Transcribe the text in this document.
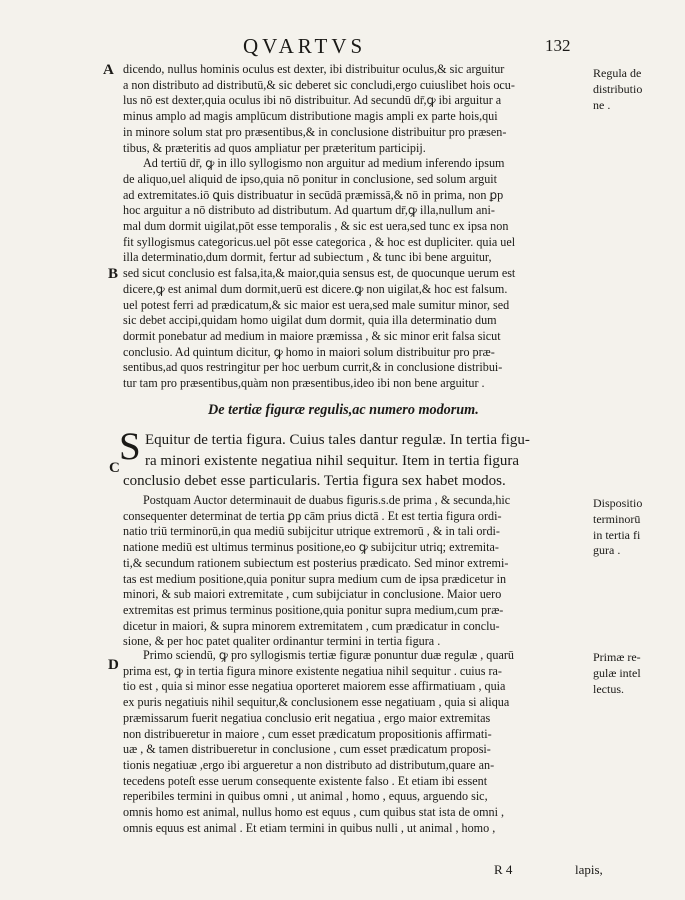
QVARTVS	132
A
B
C
D
dicendo, nullus hominis oculus est dexter, ibi distribuitur oculus,& sic arguitur
a non distributo ad distributū,& sic deberet sic concludi,ergo cuiuslibet hois ocu-
lus nō est dexter,quia oculus ibi nō distribuitur. Ad secundū dr̄,ꝙ ibi arguitur a
minus amplo ad magis amplūcum distributione magis ampli ex parte hois,qui
in minore solum stat pro præsentibus,& in conclusione distribuitur pro præsen-
tibus, & præteritis ad quos ampliatur per præteritum participij.
Ad tertiū dr̄, ꝙ in illo syllogismo non arguitur ad medium inferendo ipsum
de aliquo,uel aliquid de ipso,quia nō ponitur in conclusione, sed solum arguit
ad extremitates.iō ꝗuis distribuatur in secūdā præmissā,& nō in prima, non ꝑp
hoc arguitur a nō distributo ad distributum. Ad quartum dr̄,ꝙ illa,nullum ani-
mal dum dormit uigilat,pōt esse temporalis , & sic est uera,sed tunc ex ipsa non
fit syllogismus categoricus.uel pōt esse categorica , & hoc est dupliciter. quia uel
illa determinatio,dum dormit, fertur ad subiectum , & tunc ibi bene arguitur,
sed sicut conclusio est falsa,ita,& maior,quia sensus est, de quocunque uerum est
dicere,ꝙ est animal dum dormit,uerū est dicere.ꝙ non uigilat,& hoc est falsum.
uel potest ferri ad prædicatum,& sic maior est uera,sed male sumitur minor, sed
sic debet accipi,quidam homo uigilat dum dormit, quia illa determinatio dum
dormit ponebatur ad medium in maiore præmissa , & sic minor erit falsa sicut
conclusio. Ad quintum dicitur, ꝙ homo in maiori solum distribuitur pro præ-
sentibus,ad quos restringitur per hoc uerbum currit,& in conclusione distribui-
tur tam pro præsentibus,quàm non præsentibus,ideo ibi non bene arguitur .
De tertiæ figuræ regulis,ac numero modorum.
S Equitur de tertia figura. Cuius tales dantur regulæ. In tertia figu-
ra minori existente negatiua nihil sequitur. Item in tertia figura
conclusio debet esse particularis. Tertia figura sex habet modos.
Postquam Auctor determinauit de duabus figuris.s.de prima , & secunda,hic
consequenter determinat de tertia ꝑp cām prius dictā . Et est tertia figura ordi-
natio triū terminorū,in qua mediū subijcitur utrique extremorū , & in tali ordi-
natione mediū est ultimus terminus positione,eo ꝙ subijcitur utriq; extremita-
ti,& secundum rationem subiectum est posterius prædicato. Sed minor extremi-
tas est medium positione,quia ponitur supra medium cum de ipsa prædicetur in
minori, & sub maiori extremitate , cum subijciatur in conclusione. Maior uero
extremitas est primus terminus positione,quia ponitur supra medium,cum præ-
dicetur in maiori, & supra minorem extremitatem , cum prædicatur in conclu-
sione, & per hoc patet qualiter ordinantur termini in tertia figura .
Primo sciendū, ꝙ pro syllogismis tertiæ figuræ ponuntur duæ regulæ , quarū
prima est, ꝙ in tertia figura minore existente negatiua nihil sequitur . cuius ra-
tio est , quia si minor esse negatiua oporteret maiorem esse affirmatiuam , quia
ex puris negatiuis nihil sequitur,& conclusionem esse negatiuam , quia si aliqua
præmissarum fuerit negatiua conclusio erit negatiua , ergo maior extremitas
non distribueretur in maiore , cum esset prædicatum propositionis affirmati-
uæ , & tamen distribueretur in conclusione , cum esset prædicatum proposi-
tionis negatiuæ ,ergo ibi argueretur a non distributo ad distributum,quare an-
tecedens poteſt esse uerum consequente existente falso . Et etiam ibi essent
reperibiles termini in quibus omni , ut animal , homo , equus, arguendo sic,
omnis homo est animal, nullus homo est equus , cum quibus stat ista de omni ,
omnis equus est animal . Et etiam termini in quibus nulli , ut animal , homo ,
R 4	lapis,
Regula de
distributio
ne .
Dispositio
terminorū
in tertia fi
gura .
Primæ re-
gulæ intel
lectus.
